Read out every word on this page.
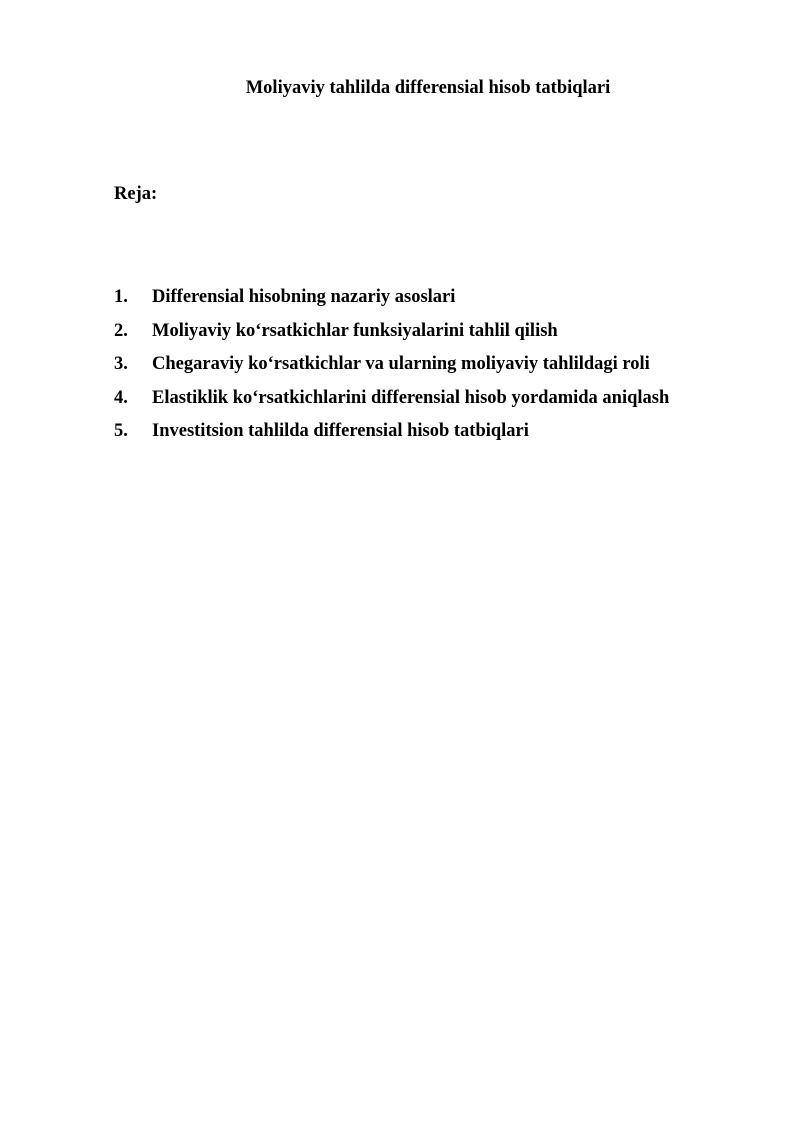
Moliyaviy tahlilda differensial hisob tatbiqlari
Reja:
1.	Differensial hisobning nazariy asoslari
2.	Moliyaviy ko‘rsatkichlar funksiyalarini tahlil qilish
3.	Chegaraviy ko‘rsatkichlar va ularning moliyaviy tahlildagi roli
4.	Elastiklik ko‘rsatkichlarini differensial hisob yordamida aniqlash
5.	Investitsion tahlilda differensial hisob tatbiqlari
